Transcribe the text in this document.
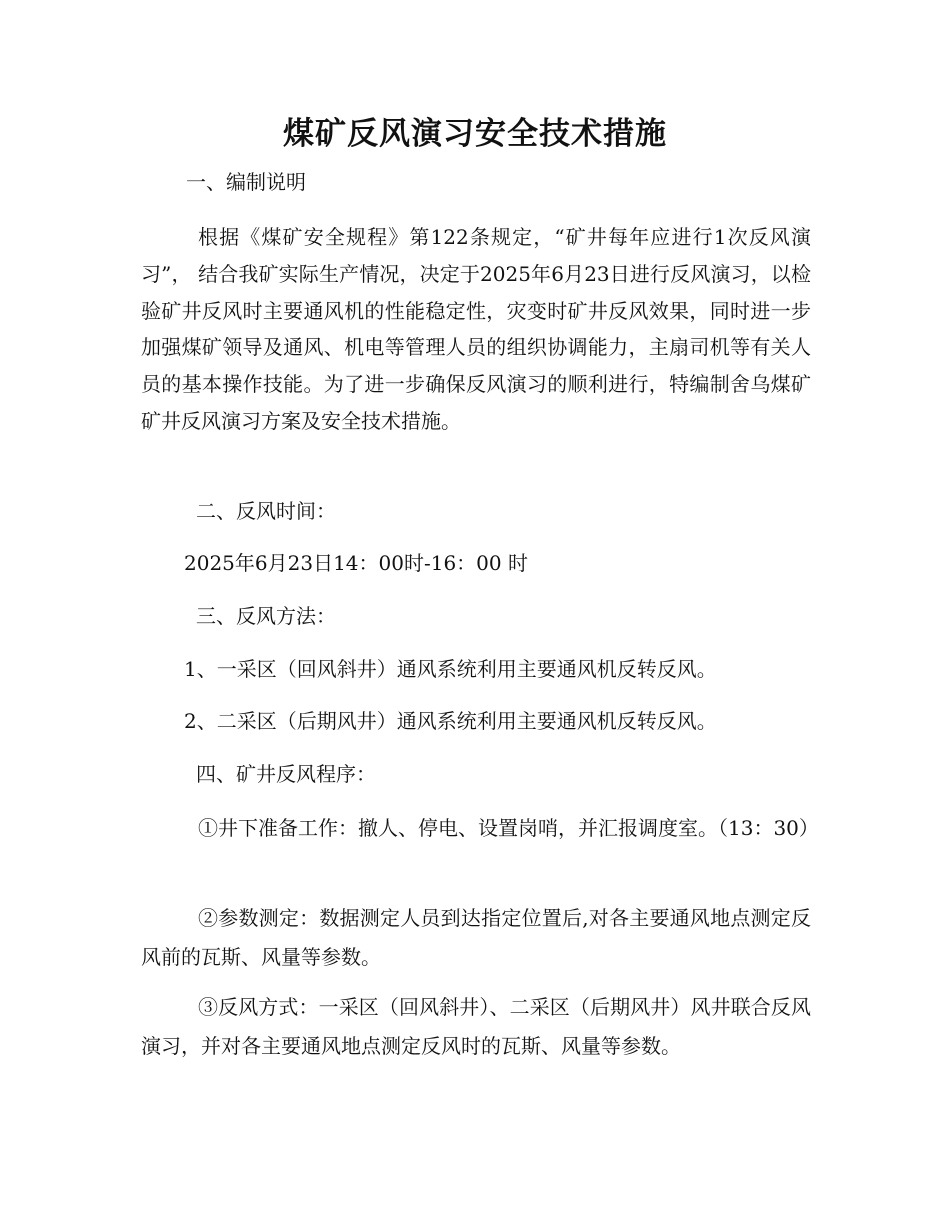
煤矿反风演习安全技术措施

一、编制说明

根据《煤矿安全规程》第122条规定，“矿井每年应进行1次反风演习”， 结合我矿实际生产情况，决定于2025年6月23日进行反风演习，以检验矿井反风时主要通风机的性能稳定性，灾变时矿井反风效果，同时进一步加强煤矿领导及通风、机电等管理人员的组织协调能力，主扇司机等有关人员的基本操作技能。为了进一步确保反风演习的顺利进行，特编制舍乌煤矿矿井反风演习方案及安全技术措施。

二、反风时间：

2025年6月23日14：00时-16：00 时

三、反风方法：

1、一采区（回风斜井）通风系统利用主要通风机反转反风。

2、二采区（后期风井）通风系统利用主要通风机反转反风。

四、矿井反风程序：

①井下准备工作：撤人、停电、设置岗哨，并汇报调度室。（13：30）

②参数测定：数据测定人员到达指定位置后,对各主要通风地点测定反风前的瓦斯、风量等参数。

③反风方式：一采区（回风斜井）、二采区（后期风井）风井联合反风演习，并对各主要通风地点测定反风时的瓦斯、风量等参数。
